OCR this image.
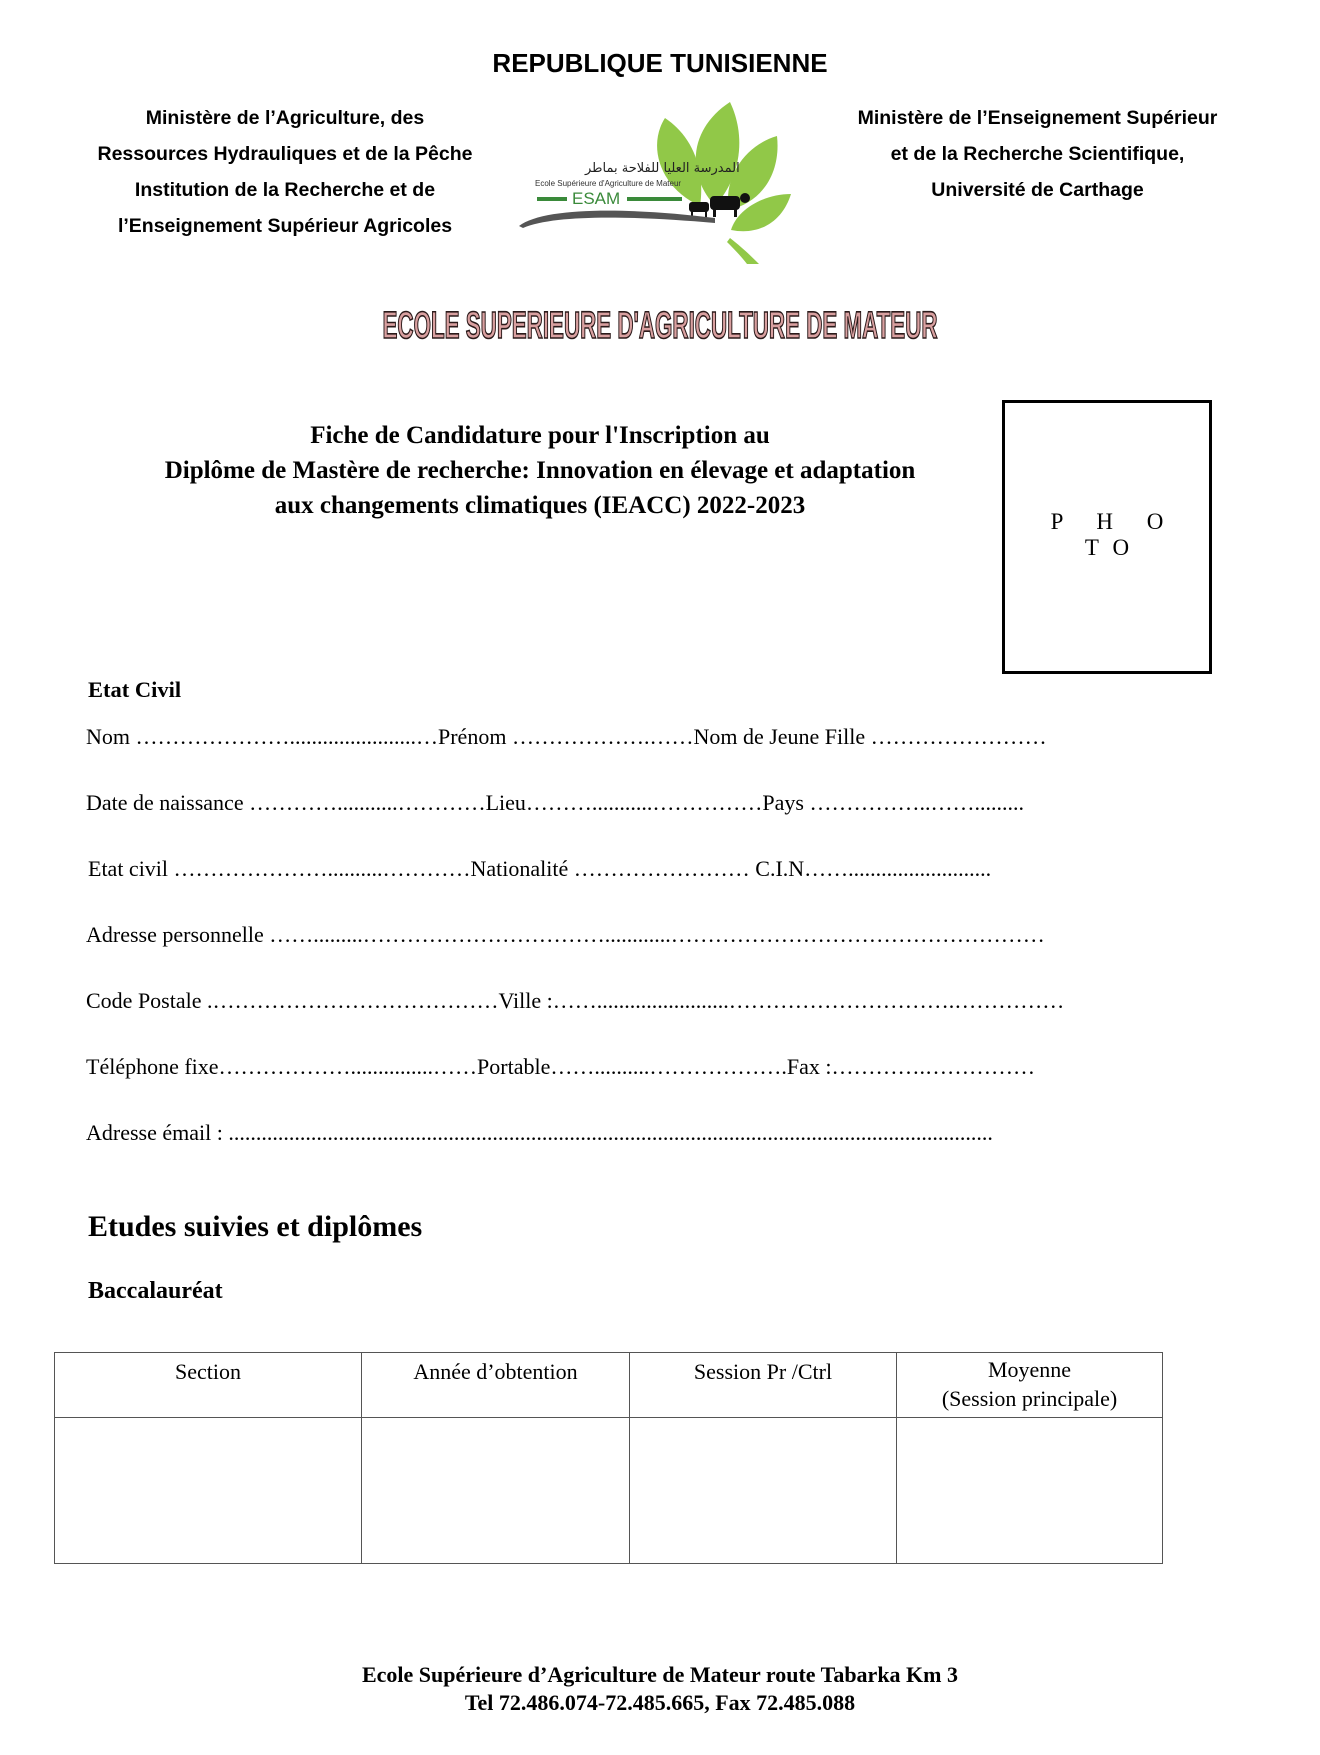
REPUBLIQUE TUNISIENNE
Ministère de l’Agriculture, des
Ressources Hydrauliques et de la Pêche
Institution de la Recherche et de
l’Enseignement Supérieur Agricoles
Ministère de l’Enseignement Supérieur
et de la Recherche Scientifique,
Université de Carthage
المدرسة العليا للفلاحة بماطر
Ecole Supérieure d'Agriculture de Mateur
ESAM
ECOLE SUPERIEURE D'AGRICULTURE DE MATEUR
Fiche de Candidature pour l'Inscription au
Diplôme de Mastère de recherche: Innovation en élevage et adaptation
aux changements climatiques (IEACC) 2022-2023
P H O TO
Etat Civil
Nom ………………….......................…Prénom ……………….……Nom de Jeune Fille ……………………
Date de naissance …………...........…………Lieu………...........……………Pays ……………..…….........
Etat civil …………………..........…………Nationalité …………………… C.I.N……..........................
Adresse personnelle …….........……………………………............……………………………………………
Code Postale .…………………………………Ville :……........................………………………….……………
Téléphone fixe………………...............……Portable……..........……………….Fax :………….……………
Adresse émail : ...........................................................................................................................................
Etudes suivies et diplômes
Baccalauréat
Section	Année d’obtention	Session Pr /Ctrl	Moyenne
(Session principale)

Ecole Supérieure d’Agriculture de Mateur route Tabarka Km 3
Tel 72.486.074-72.485.665, Fax 72.485.088
